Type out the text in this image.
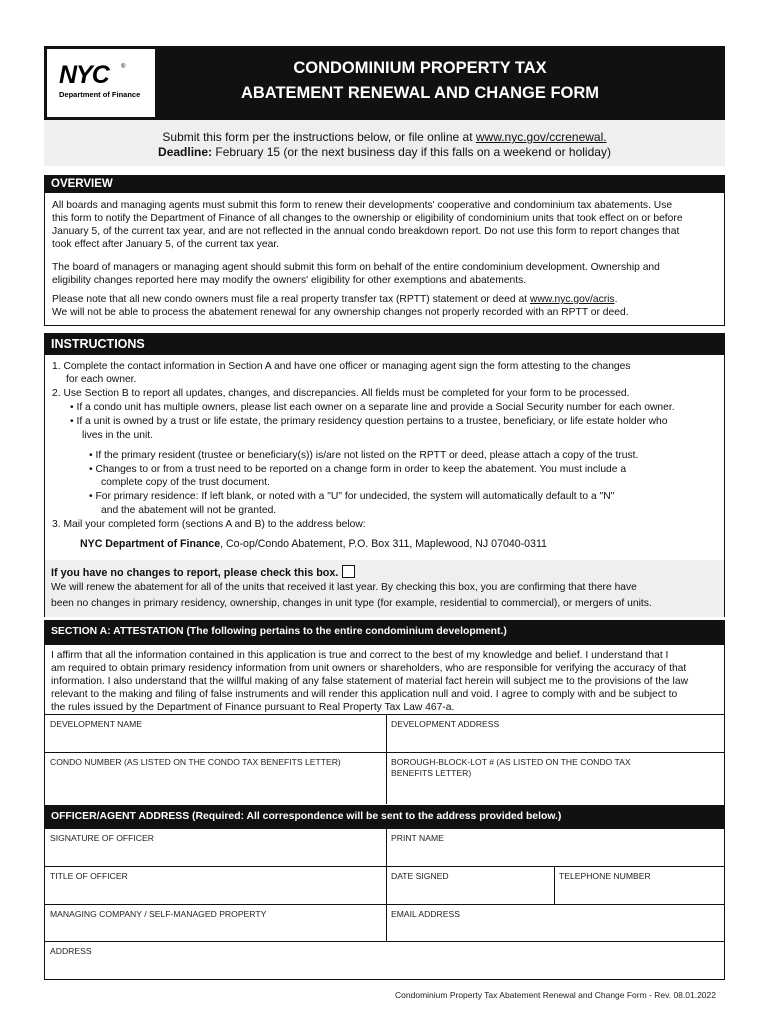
NYC ®
Department of Finance
CONDOMINIUM PROPERTY TAX
ABATEMENT RENEWAL AND CHANGE FORM
Submit this form per the instructions below, or file online at www.nyc.gov/ccrenewal.
Deadline: February 15 (or the next business day if this falls on a weekend or holiday)
OVERVIEW
All boards and managing agents must submit this form to renew their developments' cooperative and condominium tax abatements. Use
this form to notify the Department of Finance of all changes to the ownership or eligibility of condominium units that took effect on or before
January 5, of the current tax year, and are not reflected in the annual condo breakdown report. Do not use this form to report changes that
took effect after January 5, of the current tax year.
The board of managers or managing agent should submit this form on behalf of the entire condominium development. Ownership and
eligibility changes reported here may modify the owners' eligibility for other exemptions and abatements.
Please note that all new condo owners must file a real property transfer tax (RPTT) statement or deed at www.nyc.gov/acris.
We will not be able to process the abatement renewal for any ownership changes not properly recorded with an RPTT or deed.
INSTRUCTIONS
1. Complete the contact information in Section A and have one officer or managing agent sign the form attesting to the changes
for each owner.
2. Use Section B to report all updates, changes, and discrepancies. All fields must be completed for your form to be processed.
• If a condo unit has multiple owners, please list each owner on a separate line and provide a Social Security number for each owner.
• If a unit is owned by a trust or life estate, the primary residency question pertains to a trustee, beneficiary, or life estate holder who
lives in the unit.
• If the primary resident (trustee or beneficiary(s)) is/are not listed on the RPTT or deed, please attach a copy of the trust.
• Changes to or from a trust need to be reported on a change form in order to keep the abatement. You must include a
complete copy of the trust document.
• For primary residence: If left blank, or noted with a "U" for undecided, the system will automatically default to a "N"
and the abatement will not be granted.
3. Mail your completed form (sections A and B) to the address below:
NYC Department of Finance, Co-op/Condo Abatement, P.O. Box 311, Maplewood, NJ 07040-0311
If you have no changes to report, please check this box.
We will renew the abatement for all of the units that received it last year. By checking this box, you are confirming that there have
been no changes in primary residency, ownership, changes in unit type (for example, residential to commercial), or mergers of units.
SECTION A: ATTESTATION (The following pertains to the entire condominium development.)
I affirm that all the information contained in this application is true and correct to the best of my knowledge and belief. I understand that I
am required to obtain primary residency information from unit owners or shareholders, who are responsible for verifying the accuracy of that
information. I also understand that the willful making of any false statement of material fact herein will subject me to the provisions of the law
relevant to the making and filing of false instruments and will render this application null and void. I agree to comply with and be subject to
the rules issued by the Department of Finance pursuant to Real Property Tax Law 467-a.
DEVELOPMENT NAME	DEVELOPMENT ADDRESS
CONDO NUMBER (AS LISTED ON THE CONDO TAX BENEFITS LETTER)	BOROUGH-BLOCK-LOT # (AS LISTED ON THE CONDO TAX
BENEFITS LETTER)
OFFICER/AGENT ADDRESS (Required: All correspondence will be sent to the address provided below.)
SIGNATURE OF OFFICER	PRINT NAME
TITLE OF OFFICER	DATE SIGNED	TELEPHONE NUMBER
MANAGING COMPANY / SELF-MANAGED PROPERTY	EMAIL ADDRESS
ADDRESS
Condominium Property Tax Abatement Renewal and Change Form - Rev. 08.01.2022
